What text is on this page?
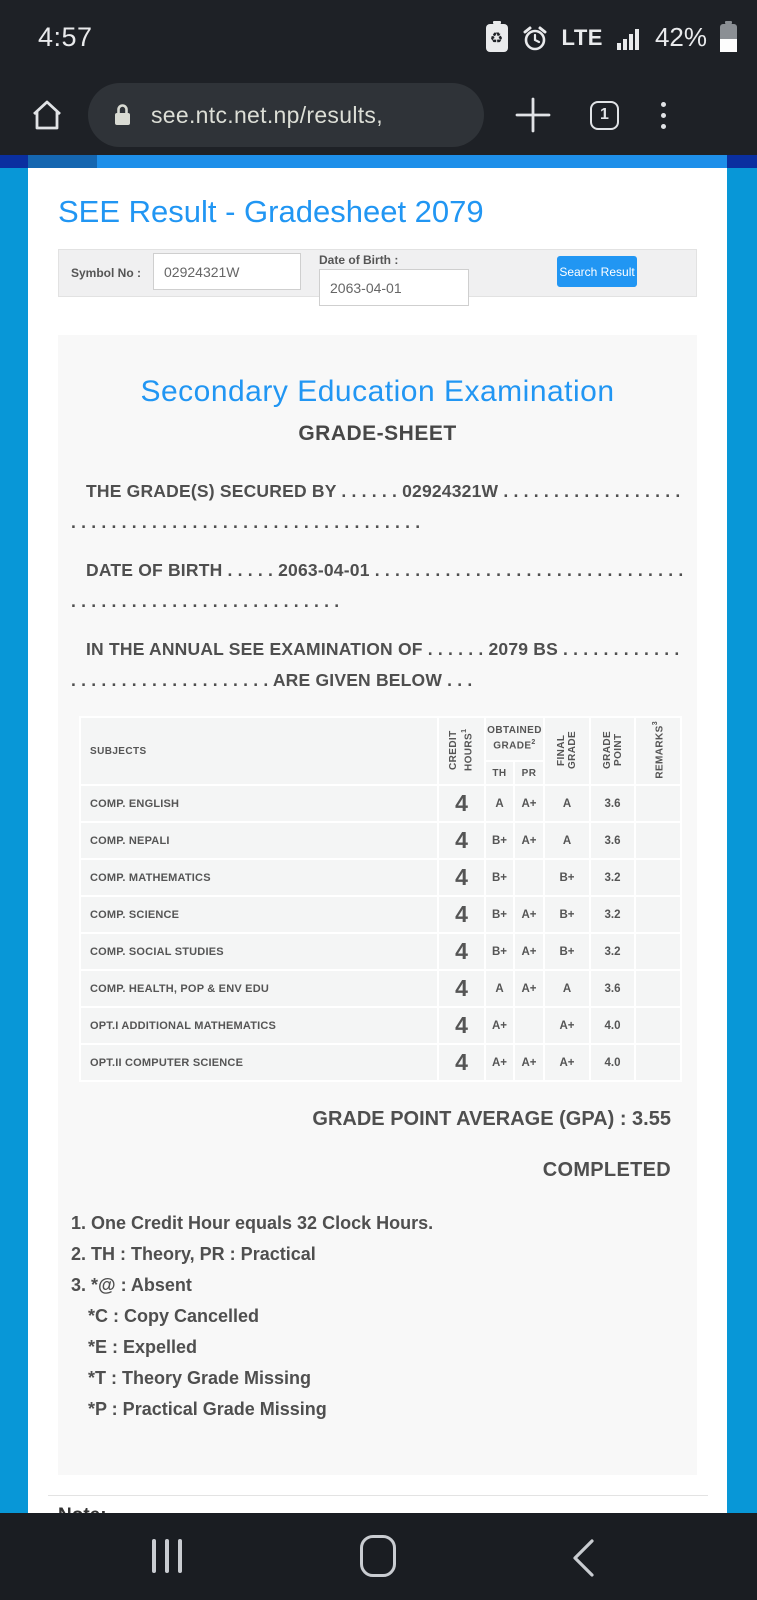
4:57	♻	LTE 42%
see.ntc.net.np/results,	1
SEE Result - Gradesheet 2079
Symbol No :
02924321W
Date of Birth :
2063-04-01
Search Result
Secondary Education Examination
GRADE-SHEET

THE GRADE(S) SECURED BY . . . . . . 02924321W . . . . . . . . . . . . . . . . . . . . . . . . . . . . . . . . . . . . . . . . . . . . . . . . . . . . .

DATE OF BIRTH . . . . . 2063-04-01 . . . . . . . . . . . . . . . . . . . . . . . . . . . . . . . . . . . . . . . . . . . . . . . . . . . . . . . . . .

IN THE ANNUAL SEE EXAMINATION OF . . . . . . 2079 BS . . . . . . . . . . . . . . . . . . . . . . . . . . . . . . . . ARE GIVEN BELOW . . .

SUBJECTS	CREDIT HOURS$^1$	OBTAINED GRADE$^2$		FINAL GRADE	GRADE POINT	REMARKS$^3$
		TH	PR			
COMP. ENGLISH	4	A	A+	A	3.6	
COMP. NEPALI	4	B+	A+	A	3.6	
COMP. MATHEMATICS	4	B+		B+	3.2	
COMP. SCIENCE	4	B+	A+	B+	3.2	
COMP. SOCIAL STUDIES	4	B+	A+	B+	3.2	
COMP. HEALTH, POP & ENV EDU	4	A	A+	A	3.6	
OPT.I ADDITIONAL MATHEMATICS	4	A+		A+	4.0	
OPT.II COMPUTER SCIENCE	4	A+	A+	A+	4.0	
GRADE POINT AVERAGE (GPA) : 3.55
COMPLETED
1. One Credit Hour equals 32 Clock Hours.
2. TH : Theory, PR : Practical
3. *@ : Absent
*C : Copy Cancelled
*E : Expelled
*T : Theory Grade Missing
*P : Practical Grade Missing
